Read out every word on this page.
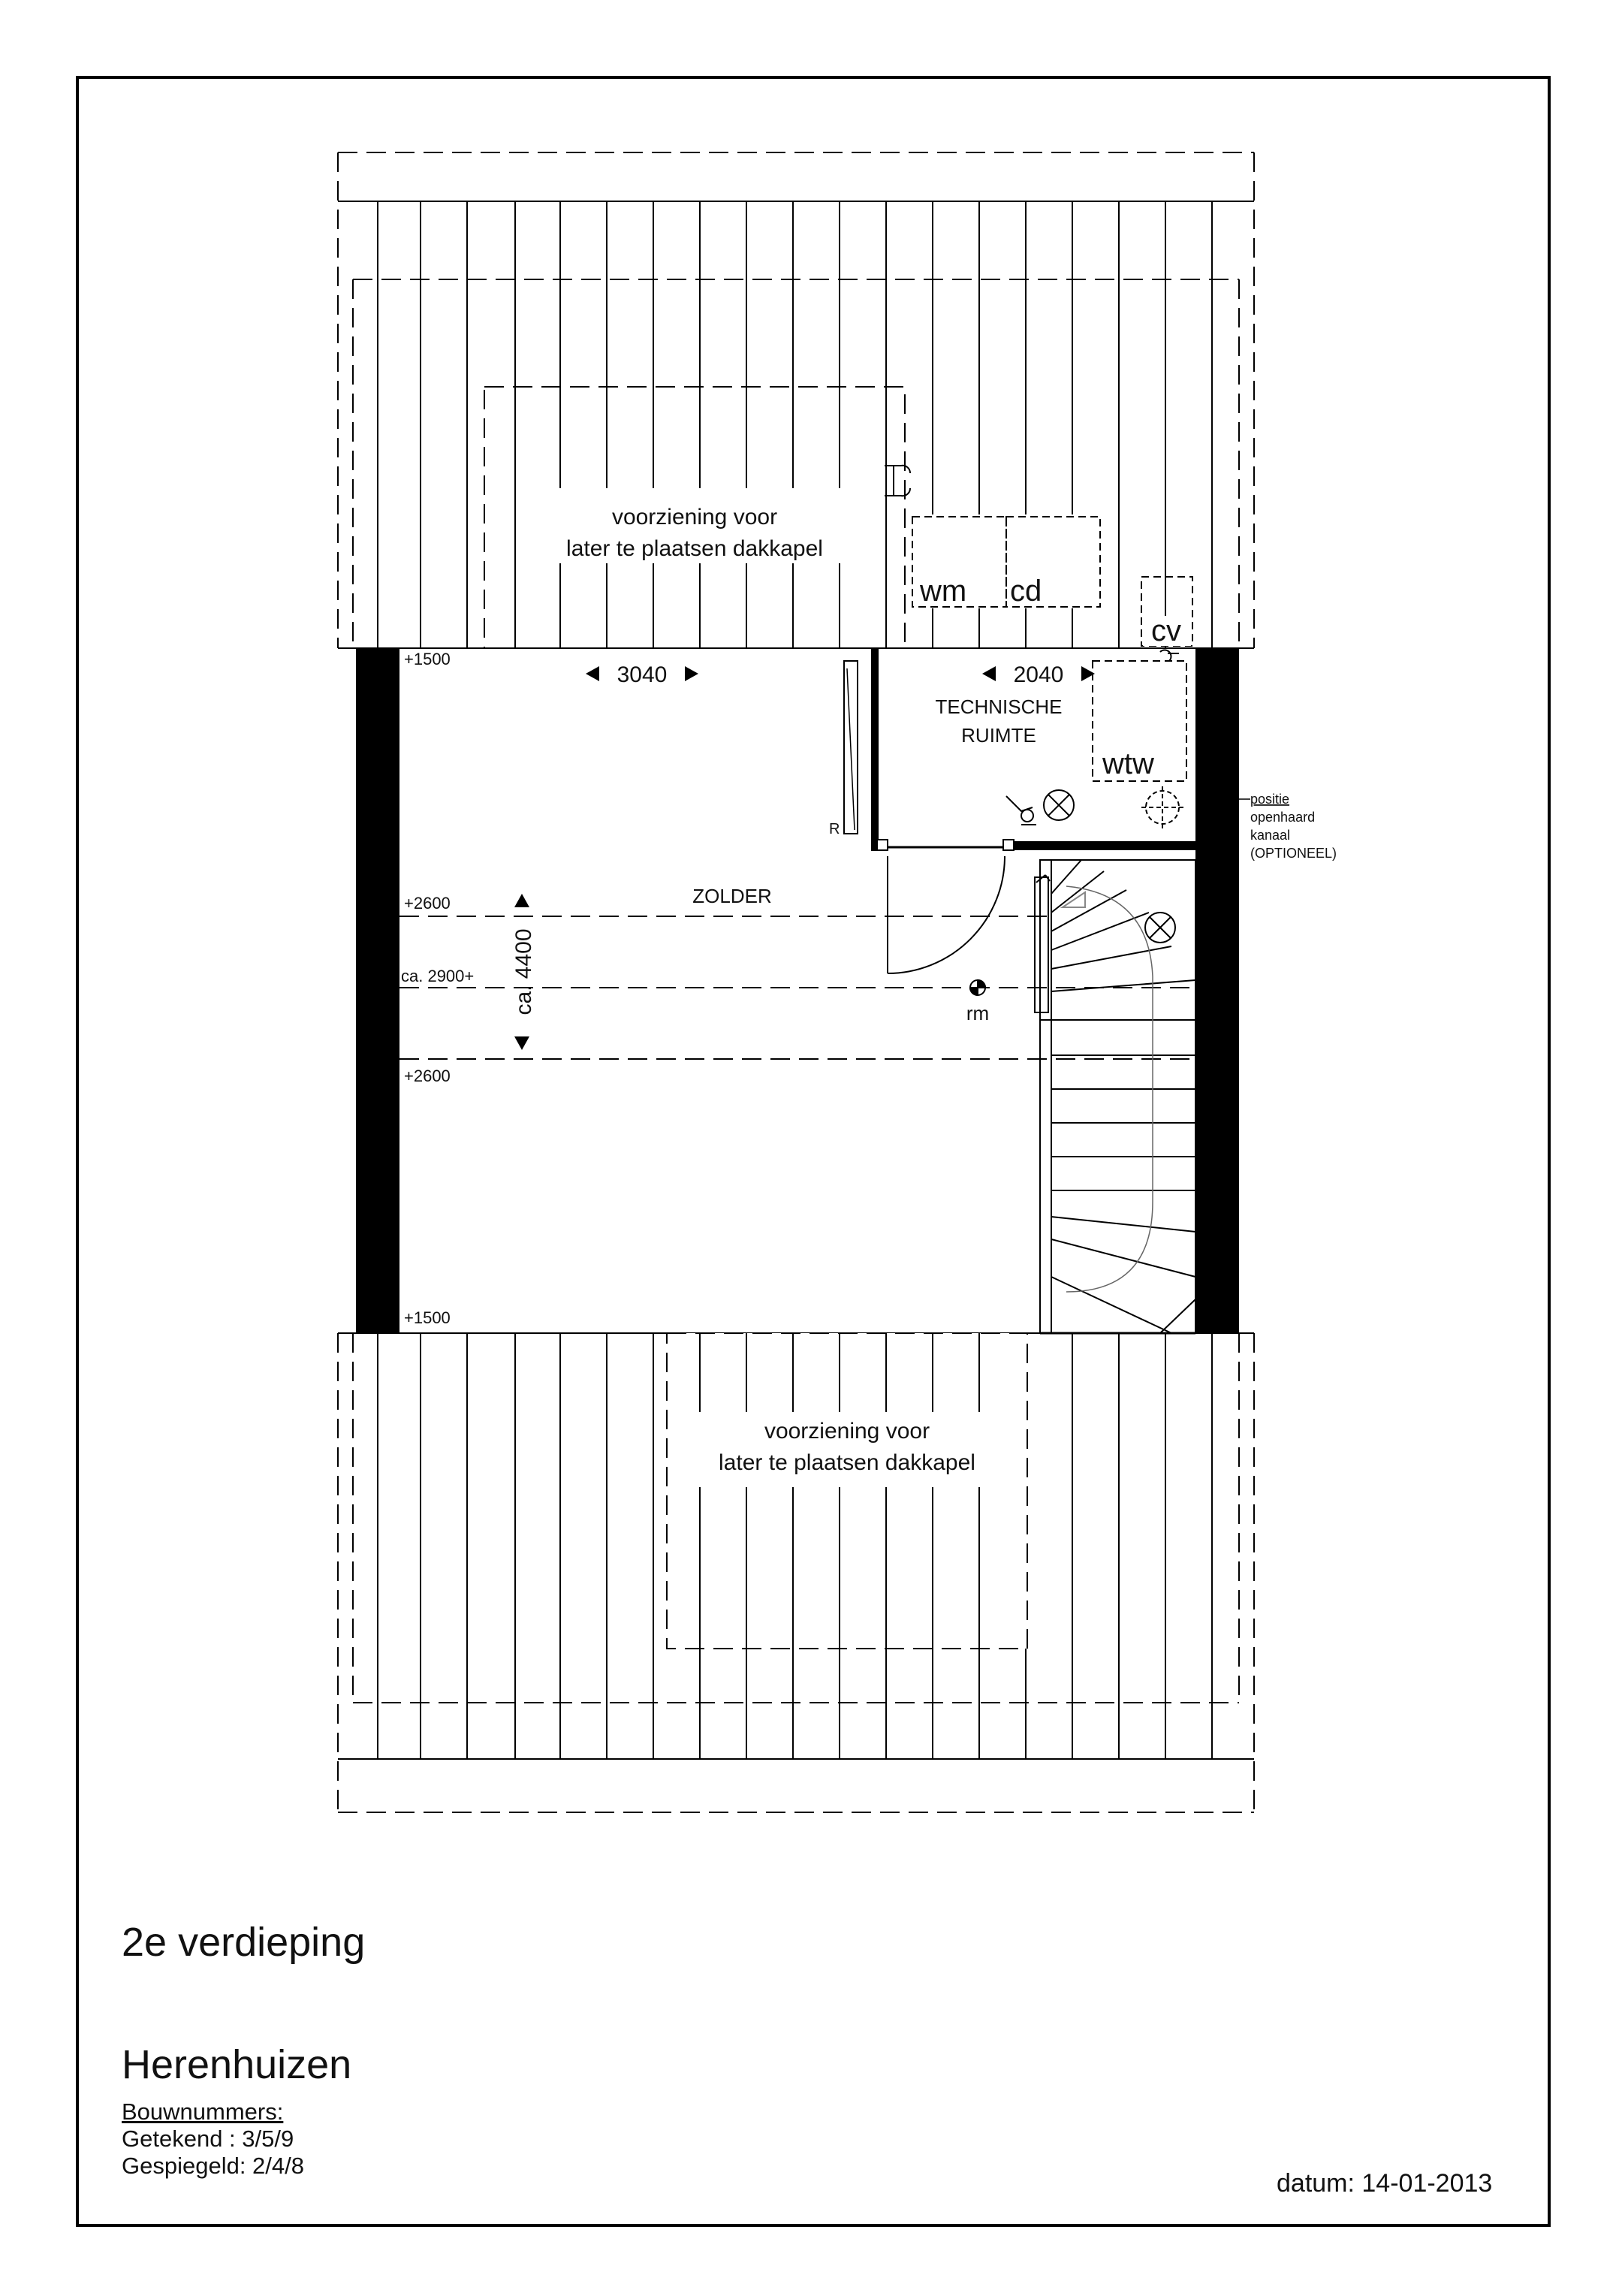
voorziening voor
later te plaatsen dakkapel
wm cd
cv
R
wtw
TECHNISCHE
RUIMTE
positie
openhaard
kanaal
(OPTIONEEL)
+1500
+2600
ca. 2900+
+2600
+1500
3040	2040
ca. 4400
ZOLDER
rm
voorziening voor
later te plaatsen dakkapel
2e verdieping
Herenhuizen
Bouwnummers:
Getekend : 3/5/9
Gespiegeld: 2/4/8
datum: 14-01-2013
